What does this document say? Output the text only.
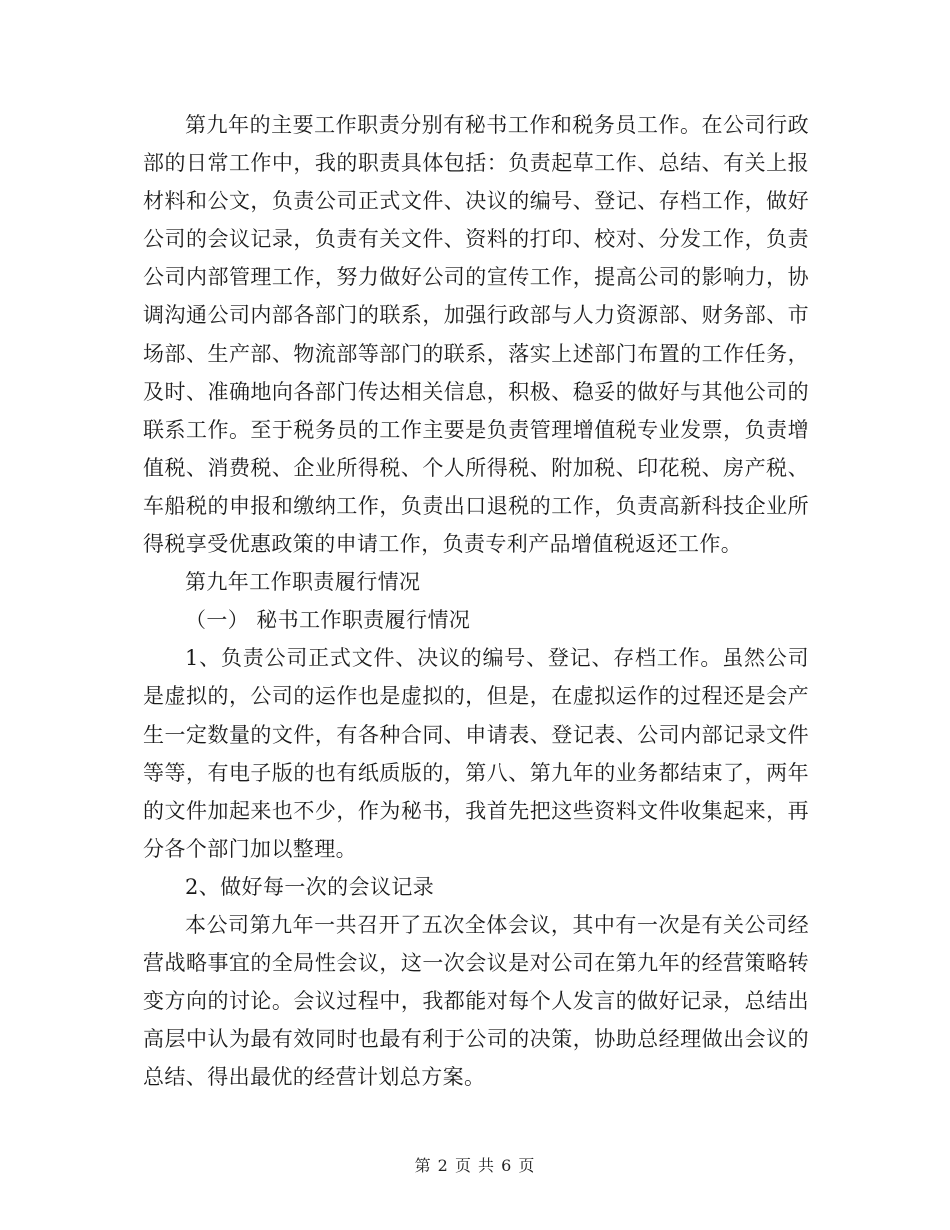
第九年的主要工作职责分别有秘书工作和税务员工作。在公司行政部的日常工作中，我的职责具体包括：负责起草工作、总结、有关上报材料和公文，负责公司正式文件、决议的编号、登记、存档工作，做好公司的会议记录，负责有关文件、资料的打印、校对、分发工作，负责公司内部管理工作，努力做好公司的宣传工作，提高公司的影响力，协调沟通公司内部各部门的联系，加强行政部与人力资源部、财务部、市场部、生产部、物流部等部门的联系，落实上述部门布置的工作任务，及时、准确地向各部门传达相关信息，积极、稳妥的做好与其他公司的联系工作。至于税务员的工作主要是负责管理增值税专业发票，负责增值税、消费税、企业所得税、个人所得税、附加税、印花税、房产税、车船税的申报和缴纳工作，负责出口退税的工作，负责高新科技企业所得税享受优惠政策的申请工作，负责专利产品增值税返还工作。

第九年工作职责履行情况

（一） 秘书工作职责履行情况

1、负责公司正式文件、决议的编号、登记、存档工作。虽然公司是虚拟的，公司的运作也是虚拟的，但是，在虚拟运作的过程还是会产生一定数量的文件，有各种合同、申请表、登记表、公司内部记录文件等等，有电子版的也有纸质版的，第八、第九年的业务都结束了，两年的文件加起来也不少，作为秘书，我首先把这些资料文件收集起来，再分各个部门加以整理。

2、做好每一次的会议记录

本公司第九年一共召开了五次全体会议，其中有一次是有关公司经营战略事宜的全局性会议，这一次会议是对公司在第九年的经营策略转变方向的讨论。会议过程中，我都能对每个人发言的做好记录，总结出高层中认为最有效同时也最有利于公司的决策，协助总经理做出会议的总结、得出最优的经营计划总方案。

第 2 页 共 6 页
